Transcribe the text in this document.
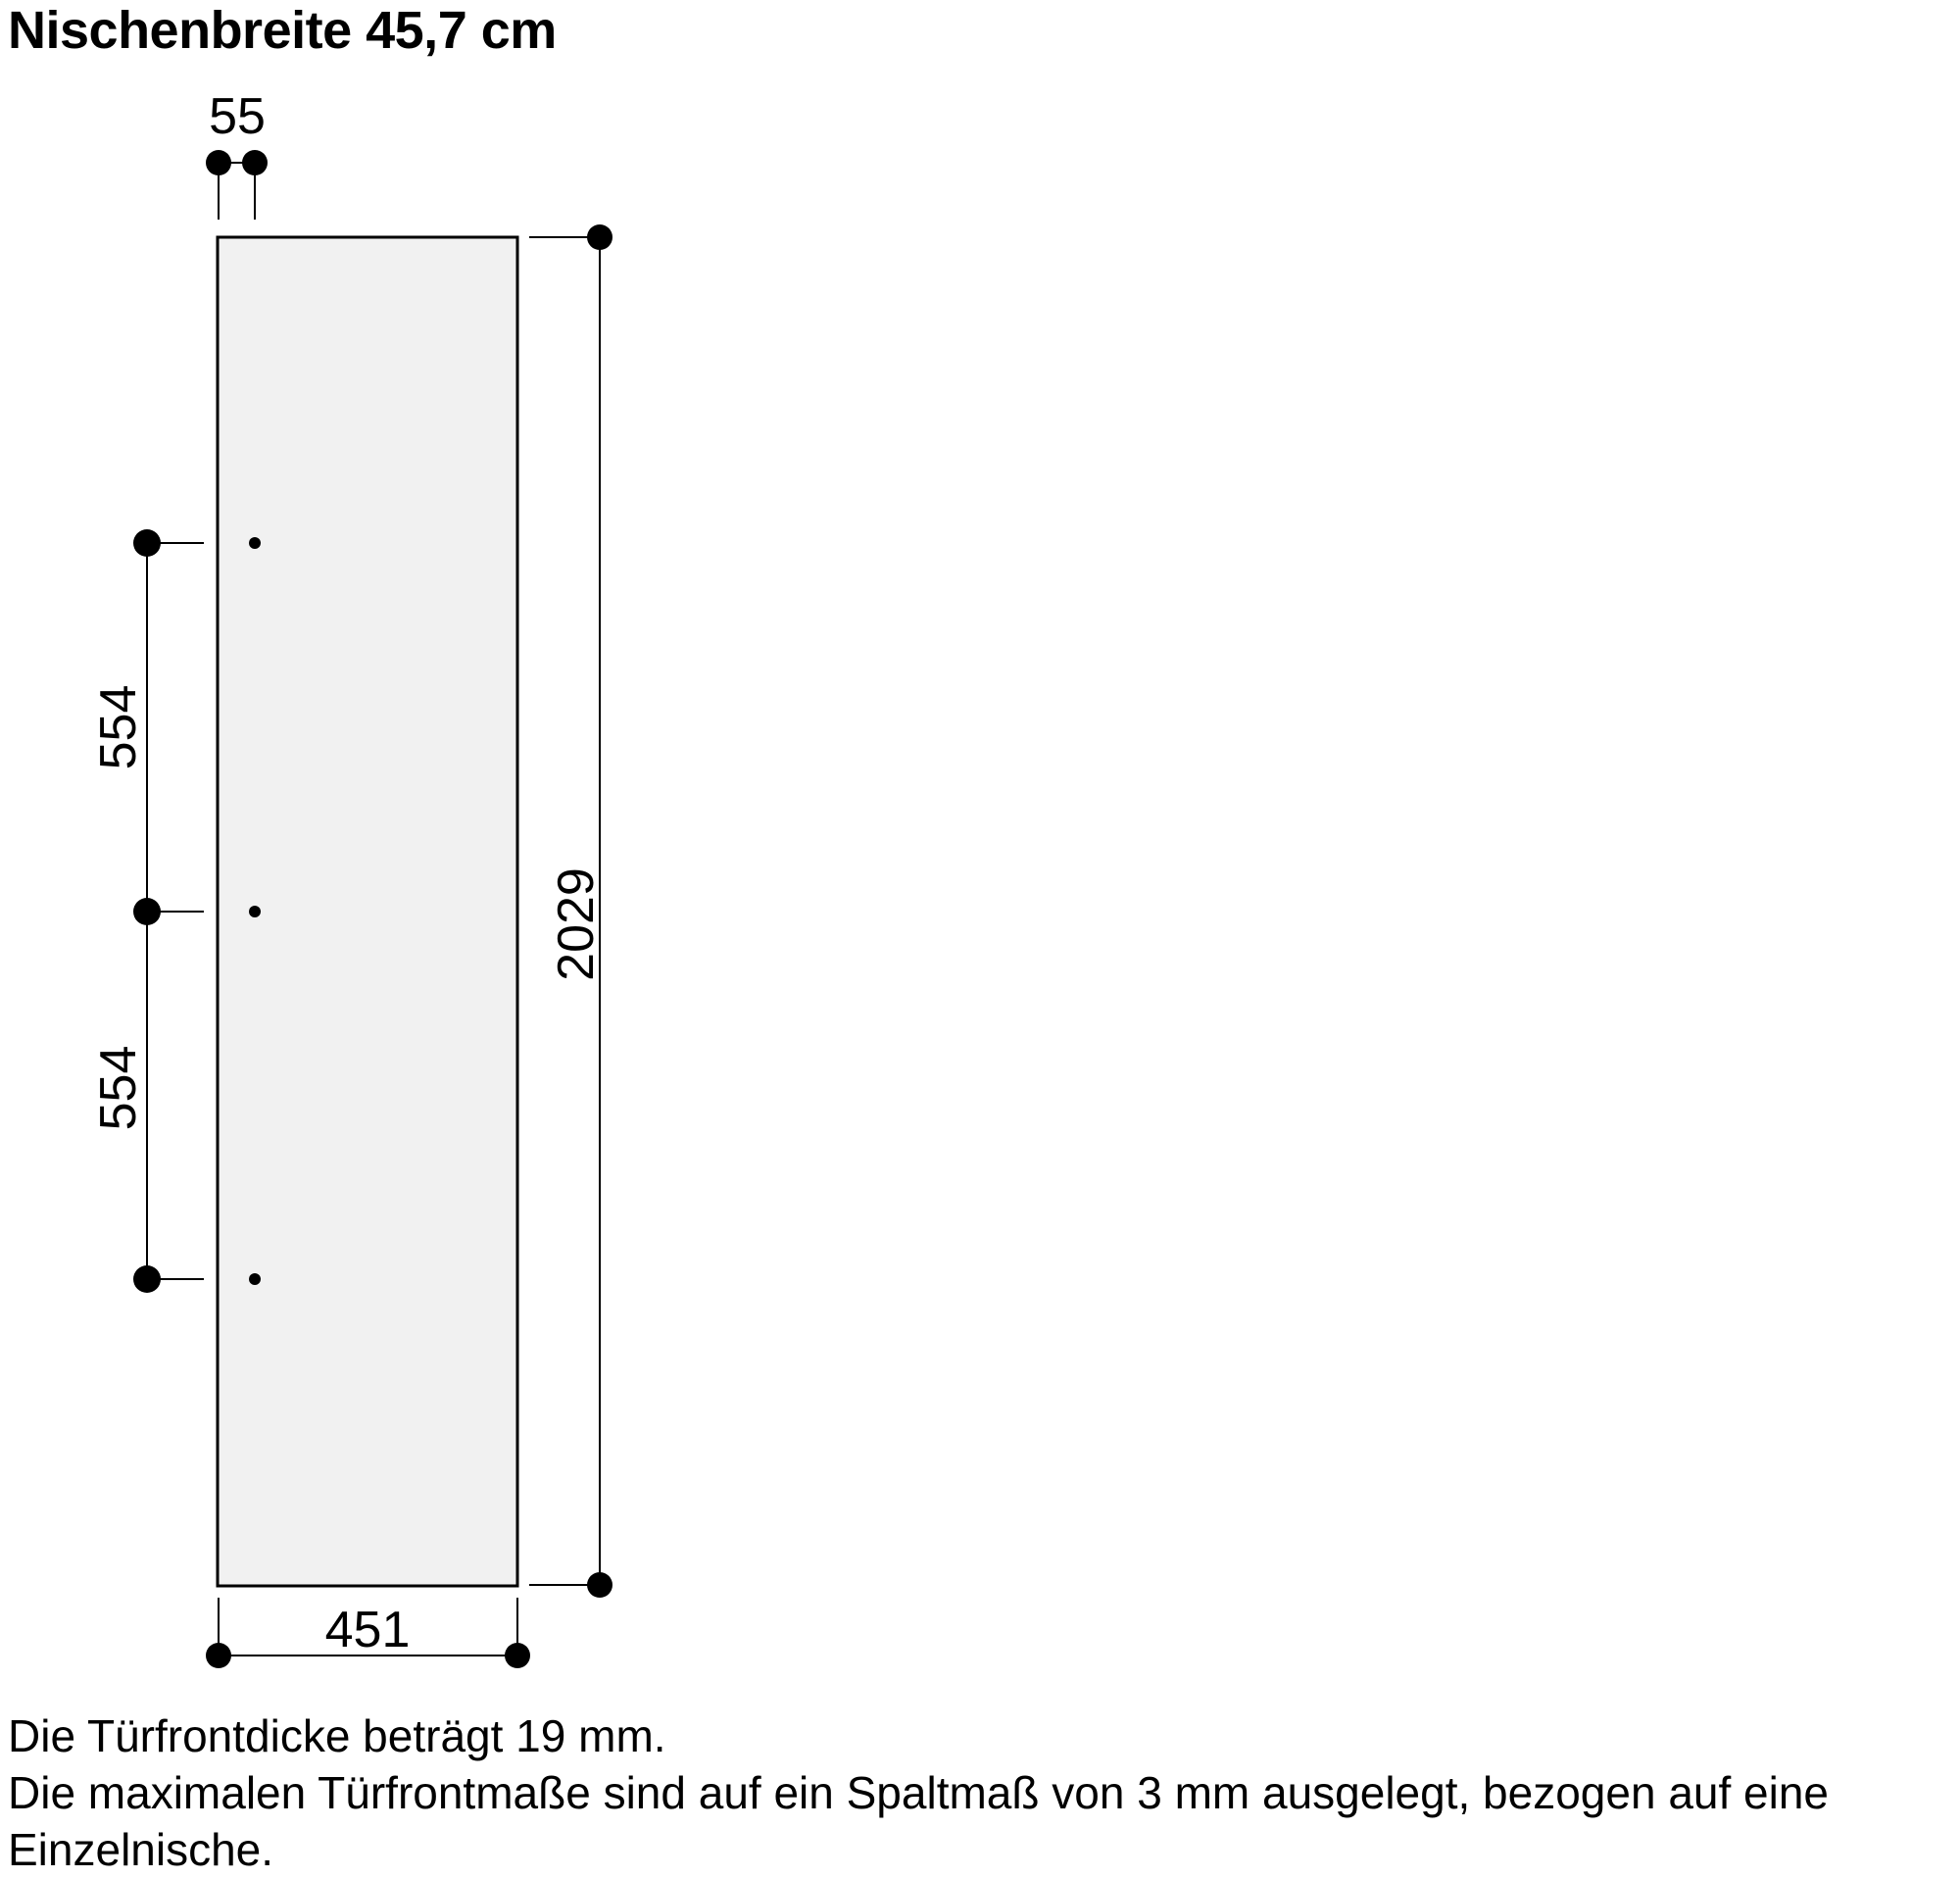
Nischenbreite 45,7 cm
55
2029
554
554
451

Die Türfrontdicke beträgt 19 mm.

Die maximalen Türfrontmaße sind auf ein Spaltmaß von 3 mm ausgelegt, bezogen auf eine Einzelnische.
